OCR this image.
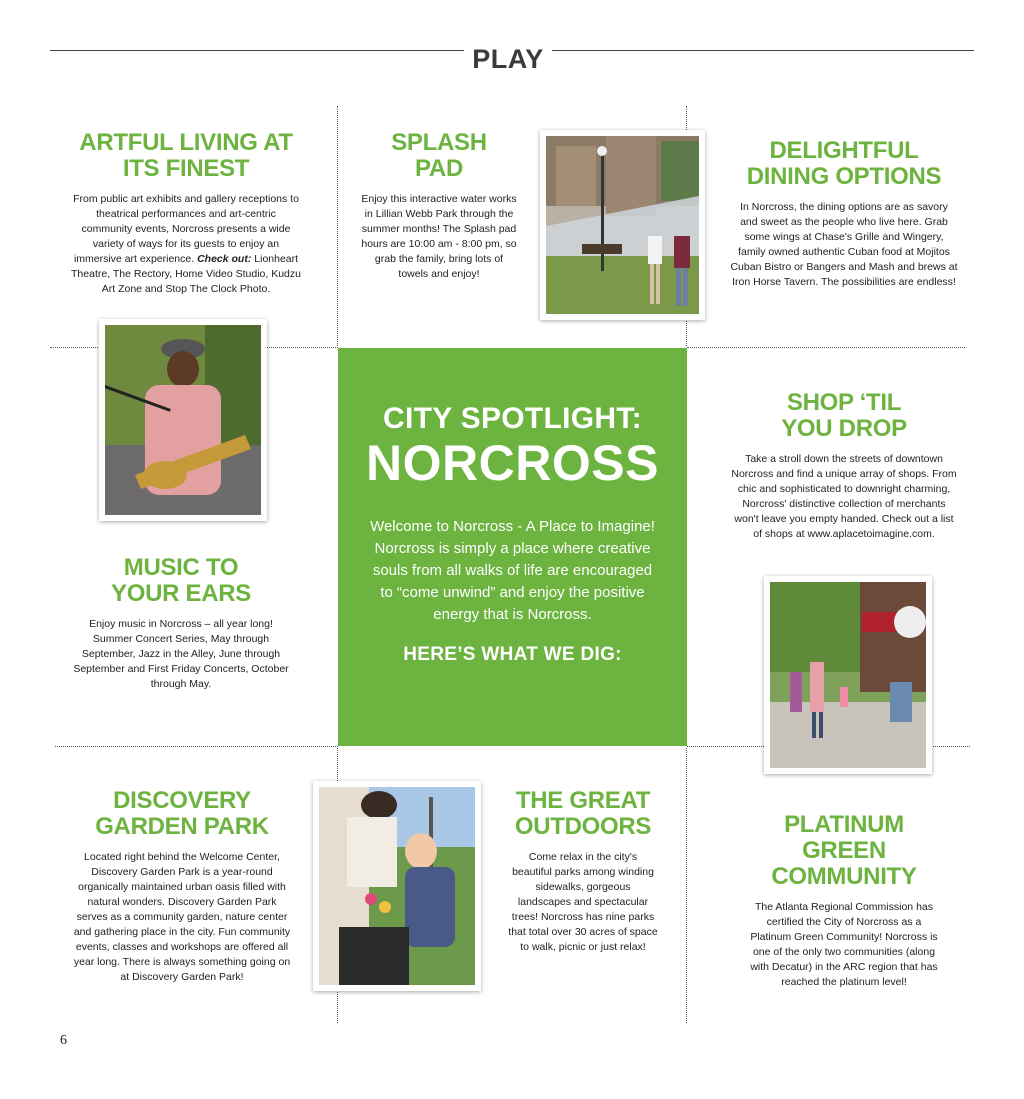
PLAY
ARTFUL LIVING AT
ITS FINEST

From public art exhibits and gallery receptions to theatrical performances and art-centric community events, Norcross presents a wide variety of ways for its guests to enjoy an immersive art experience. Check out: Lionheart Theatre, The Rectory, Home Video Studio, Kudzu Art Zone and Stop The Clock Photo.

SPLASH
PAD

Enjoy this interactive water works in Lillian Webb Park through the summer months! The Splash pad hours are 10:00 am - 8:00 pm, so grab the family, bring lots of towels and enjoy!

DELIGHTFUL
DINING OPTIONS

In Norcross, the dining options are as savory and sweet as the people who live here. Grab some wings at Chase's Grille and Wingery, family owned authentic Cuban food at Mojitos Cuban Bistro or Bangers and Mash and brews at Iron Horse Tavern. The possibilities are endless!

CITY SPOTLIGHT:
NORCROSS
Welcome to Norcross - A Place to Imagine! Norcross is simply a place where creative souls from all walks of life are encouraged to “come unwind” and enjoy the positive energy that is Norcross.
HERE’S WHAT WE DIG:
SHOP ‘TIL
YOU DROP

Take a stroll down the streets of downtown Norcross and find a unique array of shops. From chic and sophisticated to downright charming, Norcross' distinctive collection of merchants won't leave you empty handed. Check out a list of shops at www.aplacetoimagine.com.

MUSIC TO
YOUR EARS

Enjoy music in Norcross – all year long! Summer Concert Series, May through September, Jazz in the Alley, June through September and First Friday Concerts, October through May.

DISCOVERY
GARDEN PARK

Located right behind the Welcome Center, Discovery Garden Park is a year-round organically maintained urban oasis filled with natural wonders. Discovery Garden Park serves as a community garden, nature center and gathering place in the city. Fun community events, classes and workshops are offered all year long. There is always something going on at Discovery Garden Park!

THE GREAT
OUTDOORS

Come relax in the city's beautiful parks among winding sidewalks, gorgeous landscapes and spectacular trees! Norcross has nine parks that total over 30 acres of space to walk, picnic or just relax!

PLATINUM
GREEN
COMMUNITY

The Atlanta Regional Commission has certified the City of Norcross as a Platinum Green Community! Norcross is one of the only two communities (along with Decatur) in the ARC region that has reached the platinum level!

6
